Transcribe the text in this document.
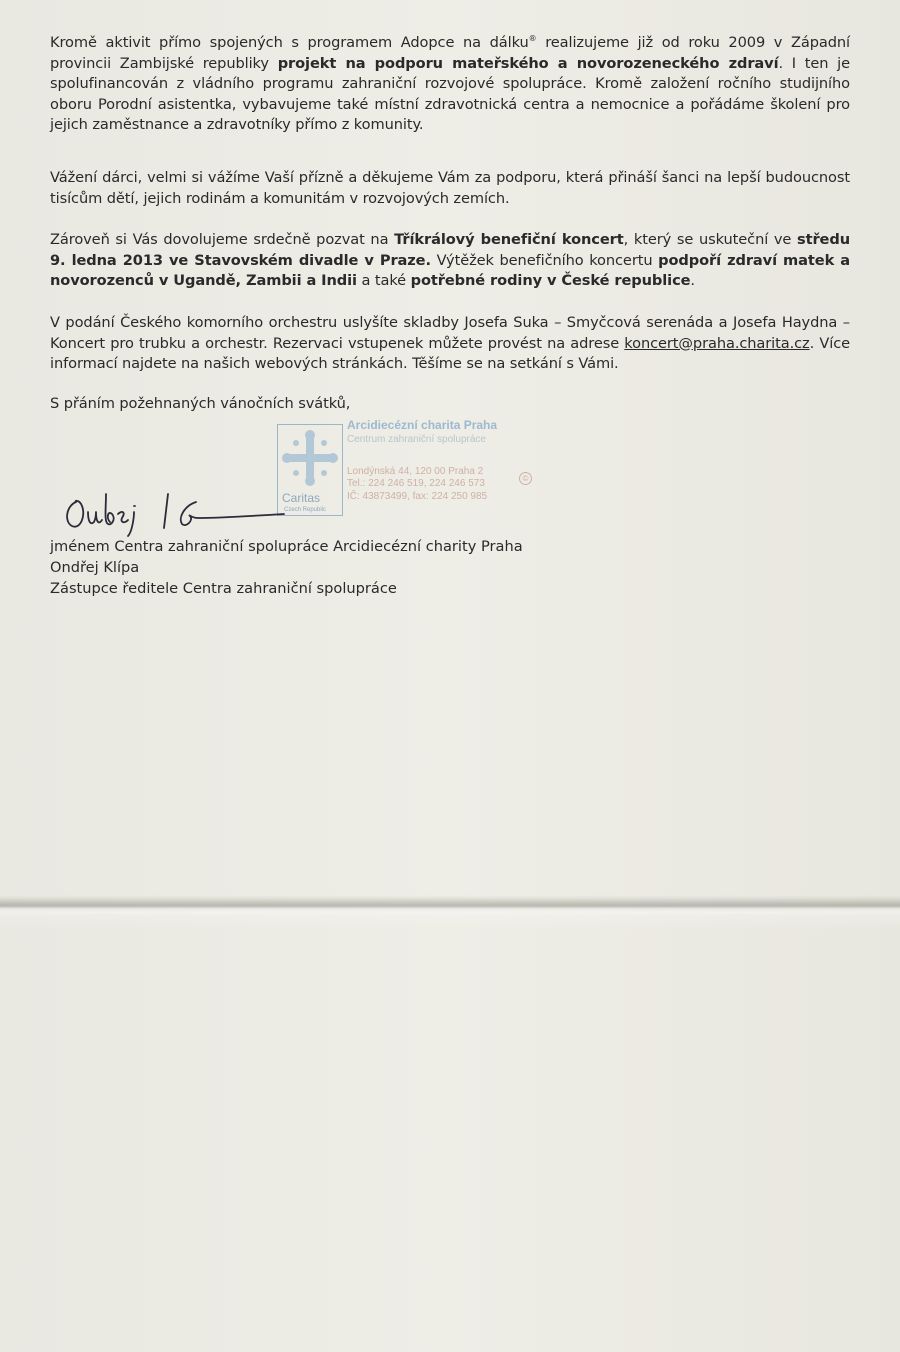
Kromě aktivit přímo spojených s programem Adopce na dálku® realizujeme již od roku 2009 v Západní provincii Zambijské republiky projekt na podporu mateřského a novorozeneckého zdraví. I ten je spolufinancován z vládního programu zahraniční rozvojové spolupráce. Kromě založení ročního studijního oboru Porodní asistentka, vybavujeme také místní zdravotnická centra a nemocnice a pořádáme školení pro jejich zaměstnance a zdravotníky přímo z komunity.
Vážení dárci, velmi si vážíme Vaší přízně a děkujeme Vám za podporu, která přináší šanci na lepší budoucnost tisícům dětí, jejich rodinám a komunitám v rozvojových zemích.
Zároveň si Vás dovolujeme srdečně pozvat na Tříkrálový benefiční koncert, který se uskuteční ve středu 9. ledna 2013 ve Stavovském divadle v Praze. Výtěžek benefičního koncertu podpoří zdraví matek a novorozenců v Ugandě, Zambii a Indii a také potřebné rodiny v České republice.
V podání Českého komorního orchestru uslyšíte skladby Josefa Suka – Smyčcová serenáda a Josefa Haydna – Koncert pro trubku a orchestr. Rezervaci vstupenek můžete provést na adrese koncert@praha.charita.cz. Více informací najdete na našich webových stránkách. Těšíme se na setkání s Vámi.
S přáním požehnaných vánočních svátků,
Caritas
Czech Republic
Arcidiecézní charita Praha
Centrum zahraniční spolupráce
Londýnská 44, 120 00 Praha 2
Tel.: 224 246 519, 224 246 573
IČ: 43873499, fax: 224 250 985
©
jménem Centra zahraniční spolupráce Arcidiecézní charity Praha
Ondřej Klípa
Zástupce ředitele Centra zahraniční spolupráce
